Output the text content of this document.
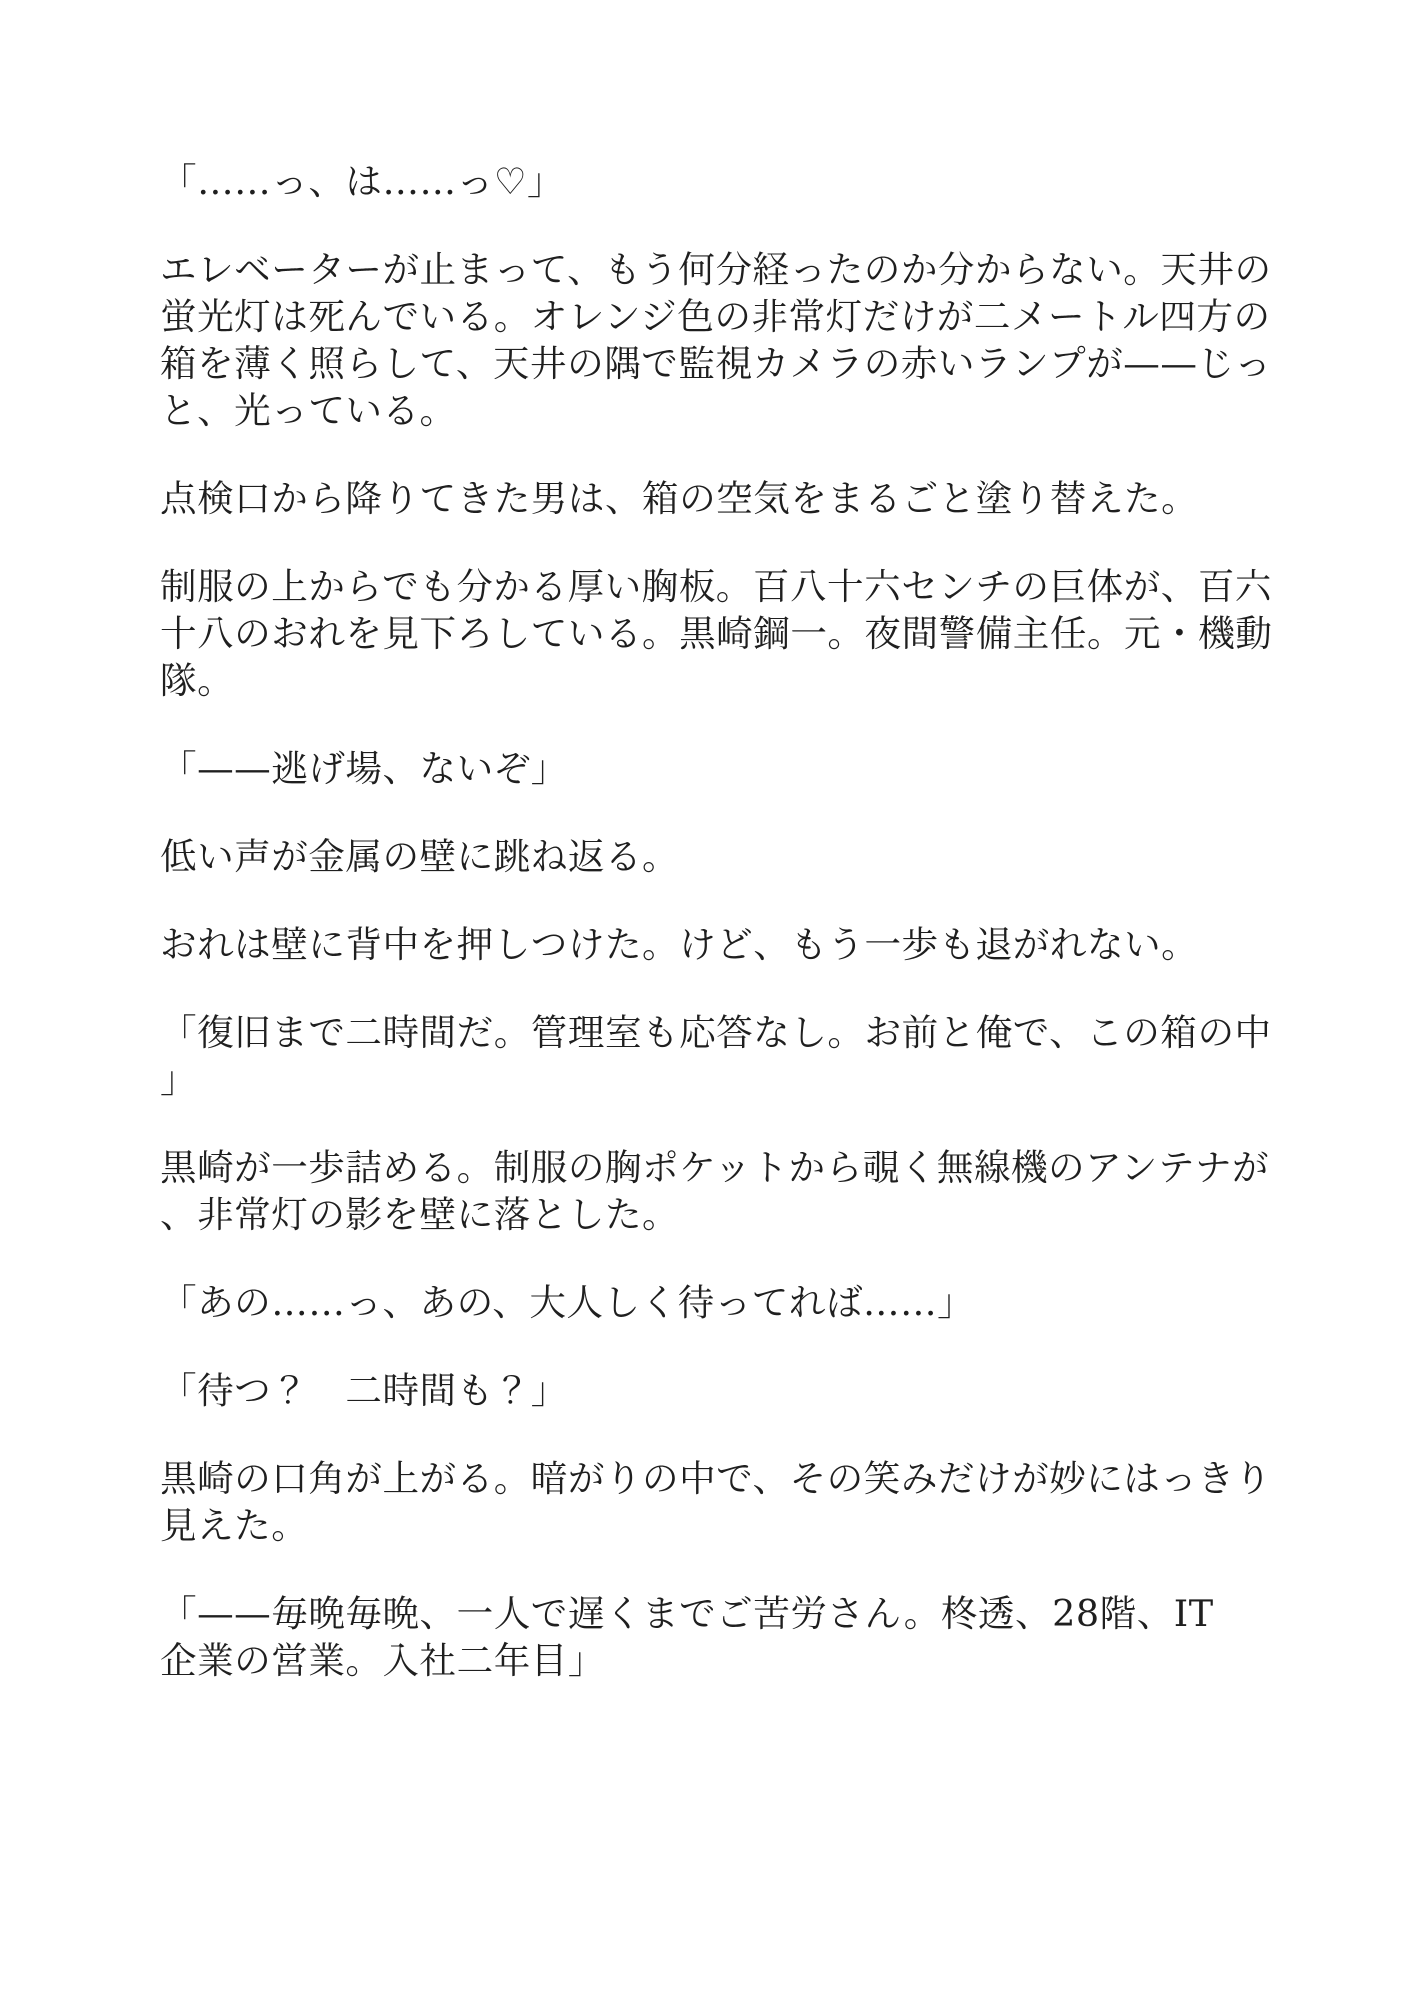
「……っ、は……っ♡」

エレベーターが止まって、もう何分経ったのか分からない。天井の
蛍光灯は死んでいる。オレンジ色の非常灯だけが二メートル四方の
箱を薄く照らして、天井の隅で監視カメラの赤いランプが——じっ
と、光っている。

点検口から降りてきた男は、箱の空気をまるごと塗り替えた。

制服の上からでも分かる厚い胸板。百八十六センチの巨体が、百六
十八のおれを見下ろしている。黒崎鋼一。夜間警備主任。元・機動
隊。

「——逃げ場、ないぞ」

低い声が金属の壁に跳ね返る。

おれは壁に背中を押しつけた。けど、もう一歩も退がれない。

「復旧まで二時間だ。管理室も応答なし。お前と俺で、この箱の中
」

黒崎が一歩詰める。制服の胸ポケットから覗く無線機のアンテナが
、非常灯の影を壁に落とした。

「あの……っ、あの、大人しく待ってれば……」

「待つ？　二時間も？」

黒崎の口角が上がる。暗がりの中で、その笑みだけが妙にはっきり
見えた。

「——毎晩毎晩、一人で遅くまでご苦労さん。柊透、28階、IT
企業の営業。入社二年目」
